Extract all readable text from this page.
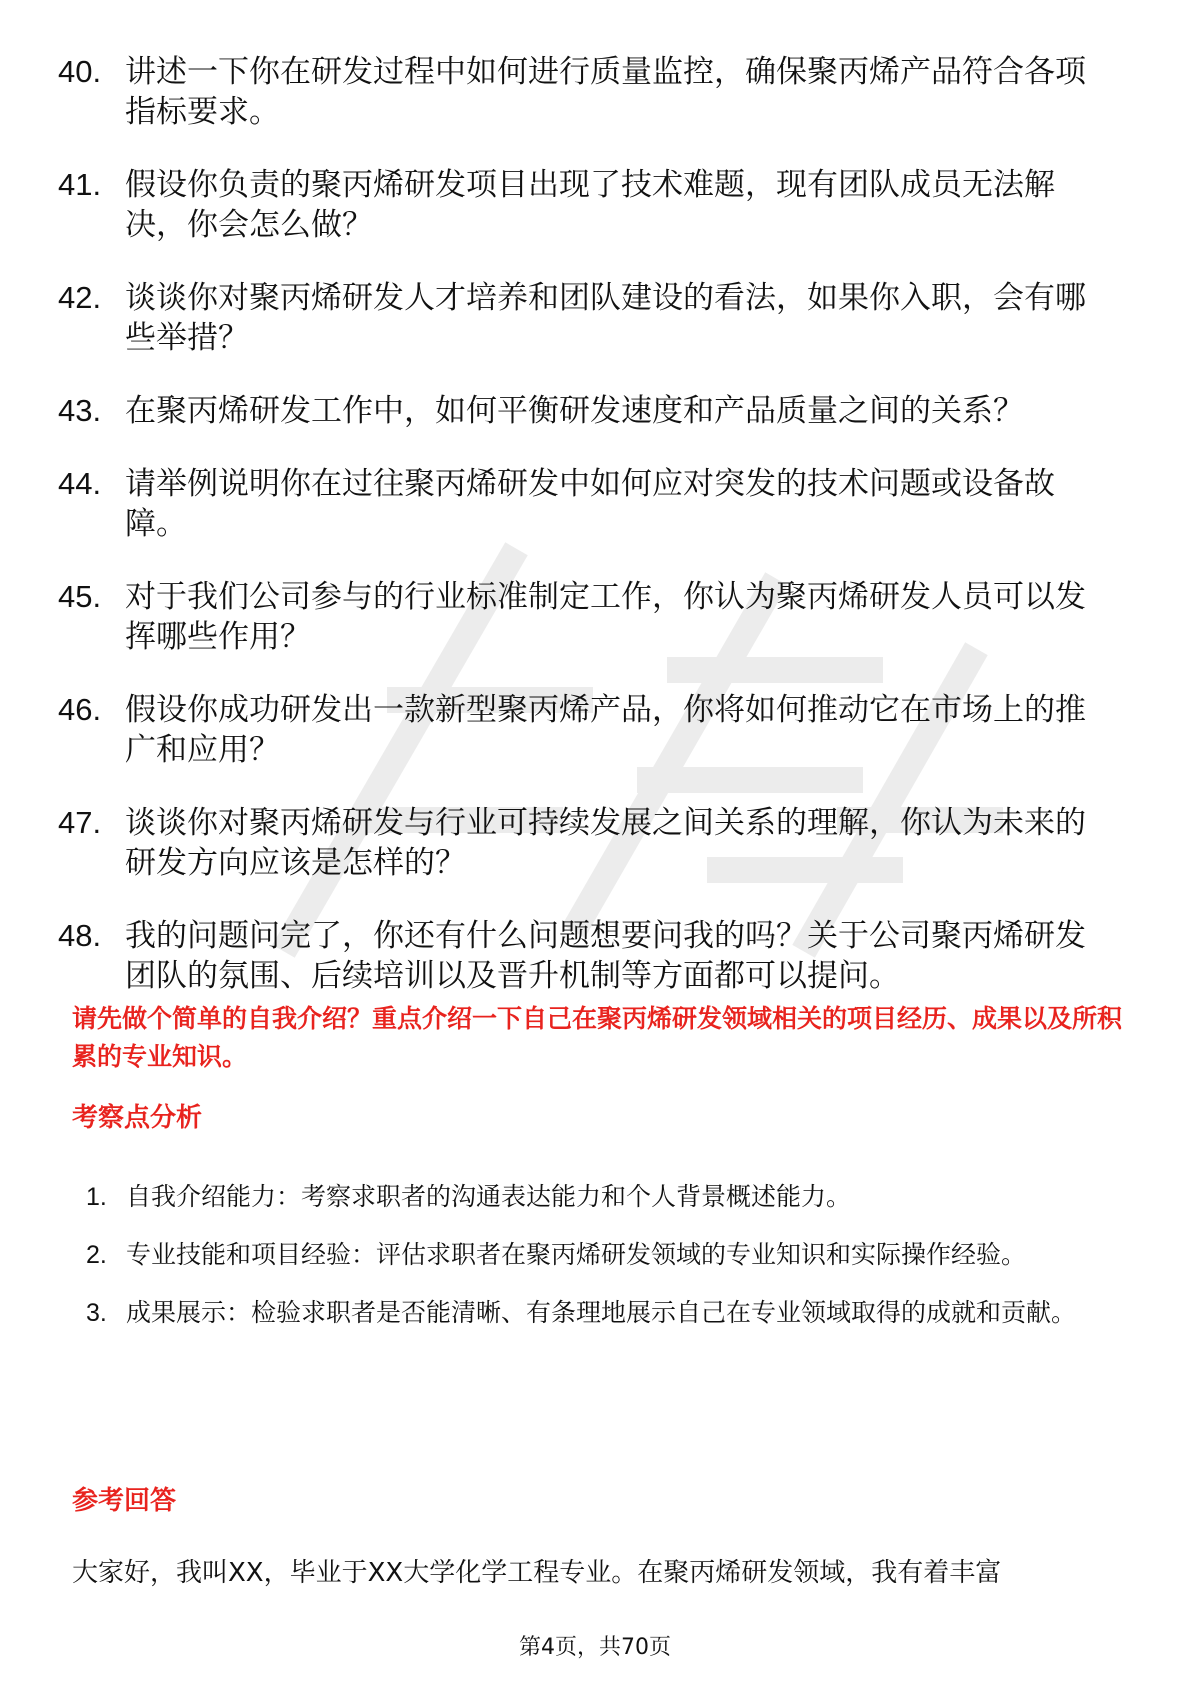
40. 讲述一下你在研发过程中如何进行质量监控，确保聚丙烯产品符合各项指标要求。
41. 假设你负责的聚丙烯研发项目出现了技术难题，现有团队成员无法解决，你会怎么做？
42. 谈谈你对聚丙烯研发人才培养和团队建设的看法，如果你入职，会有哪些举措？
43. 在聚丙烯研发工作中，如何平衡研发速度和产品质量之间的关系？
44. 请举例说明你在过往聚丙烯研发中如何应对突发的技术问题或设备故障。
45. 对于我们公司参与的行业标准制定工作，你认为聚丙烯研发人员可以发挥哪些作用？
46. 假设你成功研发出一款新型聚丙烯产品，你将如何推动它在市场上的推广和应用？
47. 谈谈你对聚丙烯研发与行业可持续发展之间关系的理解，你认为未来的研发方向应该是怎样的？
48. 我的问题问完了，你还有什么问题想要问我的吗？关于公司聚丙烯研发团队的氛围、后续培训以及晋升机制等方面都可以提问。
请先做个简单的自我介绍？重点介绍一下自己在聚丙烯研发领域相关的项目经历、成果以及所积累的专业知识。
考察点分析
1. 自我介绍能力：考察求职者的沟通表达能力和个人背景概述能力。
2. 专业技能和项目经验：评估求职者在聚丙烯研发领域的专业知识和实际操作经验。
3. 成果展示：检验求职者是否能清晰、有条理地展示自己在专业领域取得的成就和贡献。
参考回答
大家好，我叫XX，毕业于XX大学化学工程专业。在聚丙烯研发领域，我有着丰富
第4页，共70页
